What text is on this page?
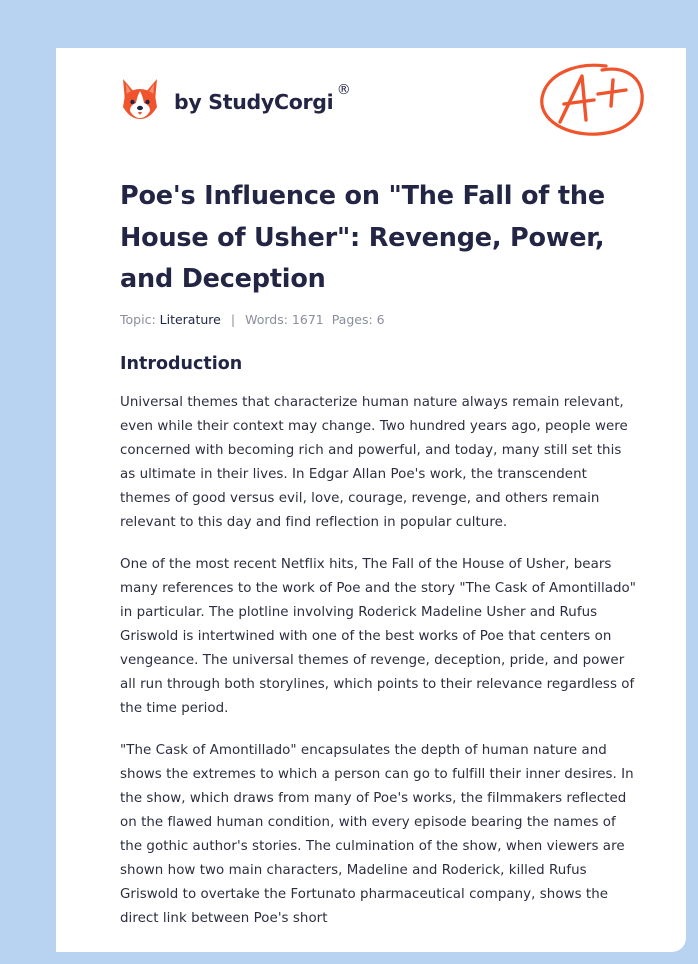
by StudyCorgi ®
Poe's Influence on "The Fall of the House of Usher": Revenge, Power, and Deception
Topic: Literature | Words: 1671 Pages: 6
Introduction

Universal themes that characterize human nature always remain relevant, even while their context may change. Two hundred years ago, people were concerned with becoming rich and powerful, and today, many still set this as ultimate in their lives. In Edgar Allan Poe's work, the transcendent themes of good versus evil, love, courage, revenge, and others remain relevant to this day and find reflection in popular culture.

One of the most recent Netflix hits, The Fall of the House of Usher, bears many references to the work of Poe and the story "The Cask of Amontillado" in particular. The plotline involving Roderick Madeline Usher and Rufus Griswold is intertwined with one of the best works of Poe that centers on vengeance. The universal themes of revenge, deception, pride, and power all run through both storylines, which points to their relevance regardless of the time period.

"The Cask of Amontillado" encapsulates the depth of human nature and shows the extremes to which a person can go to fulfill their inner desires. In the show, which draws from many of Poe's works, the filmmakers reflected on the flawed human condition, with every episode bearing the names of the gothic author's stories. The culmination of the show, when viewers are shown how two main characters, Madeline and Roderick, killed Rufus Griswold to overtake the Fortunato pharmaceutical company, shows the direct link between Poe's short
